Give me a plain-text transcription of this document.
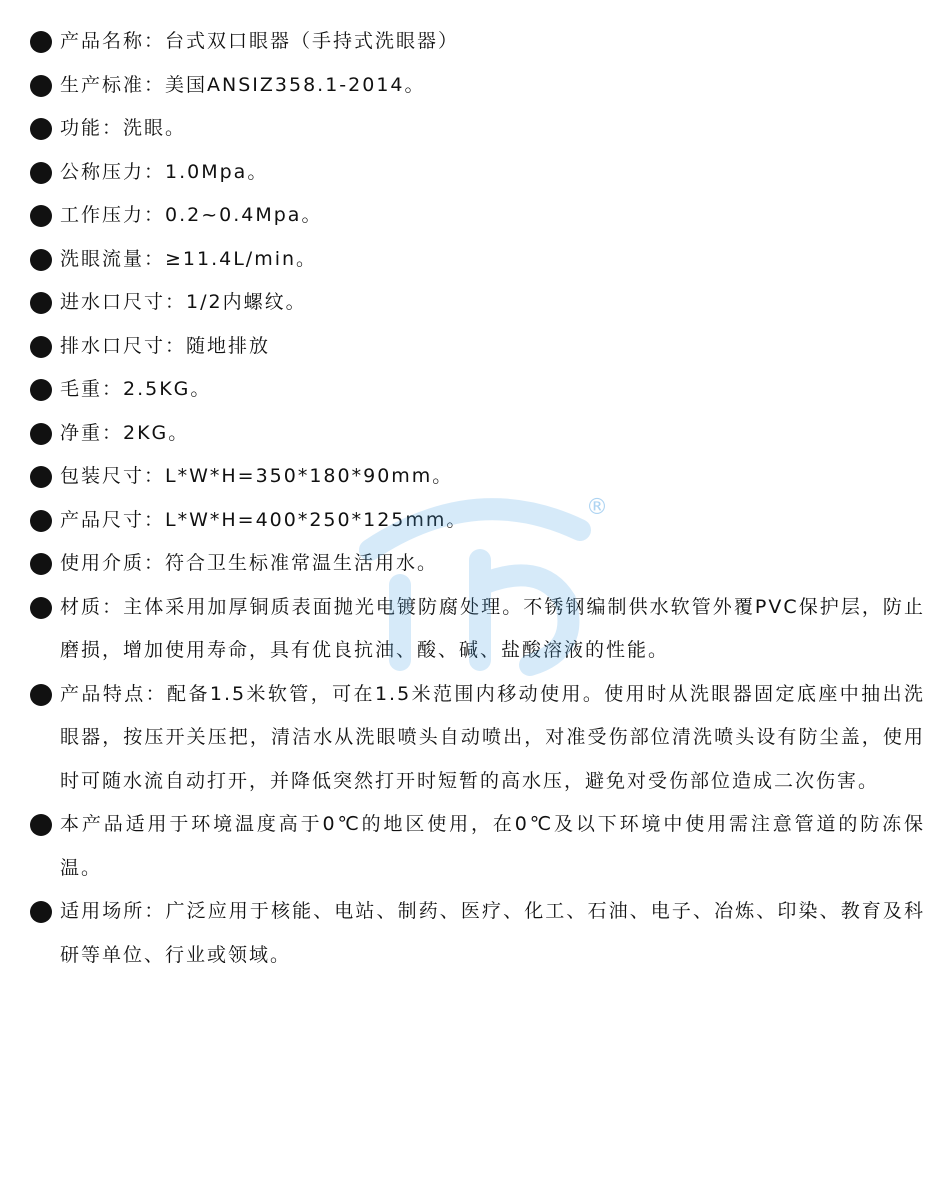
产品名称：台式双口眼器（手持式洗眼器）
生产标准：美国ANSIZ358.1-2014。
功能：洗眼。
公称压力：1.0Mpa。
工作压力：0.2~0.4Mpa。
洗眼流量：≥11.4L/min。
进水口尺寸：1/2内螺纹。
排水口尺寸：随地排放
毛重：2.5KG。
净重：2KG。
包装尺寸：L*W*H=350*180*90mm。
产品尺寸：L*W*H=400*250*125mm。
使用介质：符合卫生标准常温生活用水。
材质：主体采用加厚铜质表面抛光电镀防腐处理。不锈钢编制供水软管外覆PVC保护层，防止磨损，增加使用寿命，具有优良抗油、酸、碱、盐酸溶液的性能。
产品特点：配备1.5米软管，可在1.5米范围内移动使用。使用时从洗眼器固定底座中抽出洗眼器，按压开关压把，清洁水从洗眼喷头自动喷出，对准受伤部位清洗喷头设有防尘盖，使用时可随水流自动打开，并降低突然打开时短暂的高水压，避免对受伤部位造成二次伤害。
本产品适用于环境温度高于0℃的地区使用，在0℃及以下环境中使用需注意管道的防冻保温。
适用场所：广泛应用于核能、电站、制药、医疗、化工、石油、电子、冶炼、印染、教育及科研等单位、行业或领域。
®
